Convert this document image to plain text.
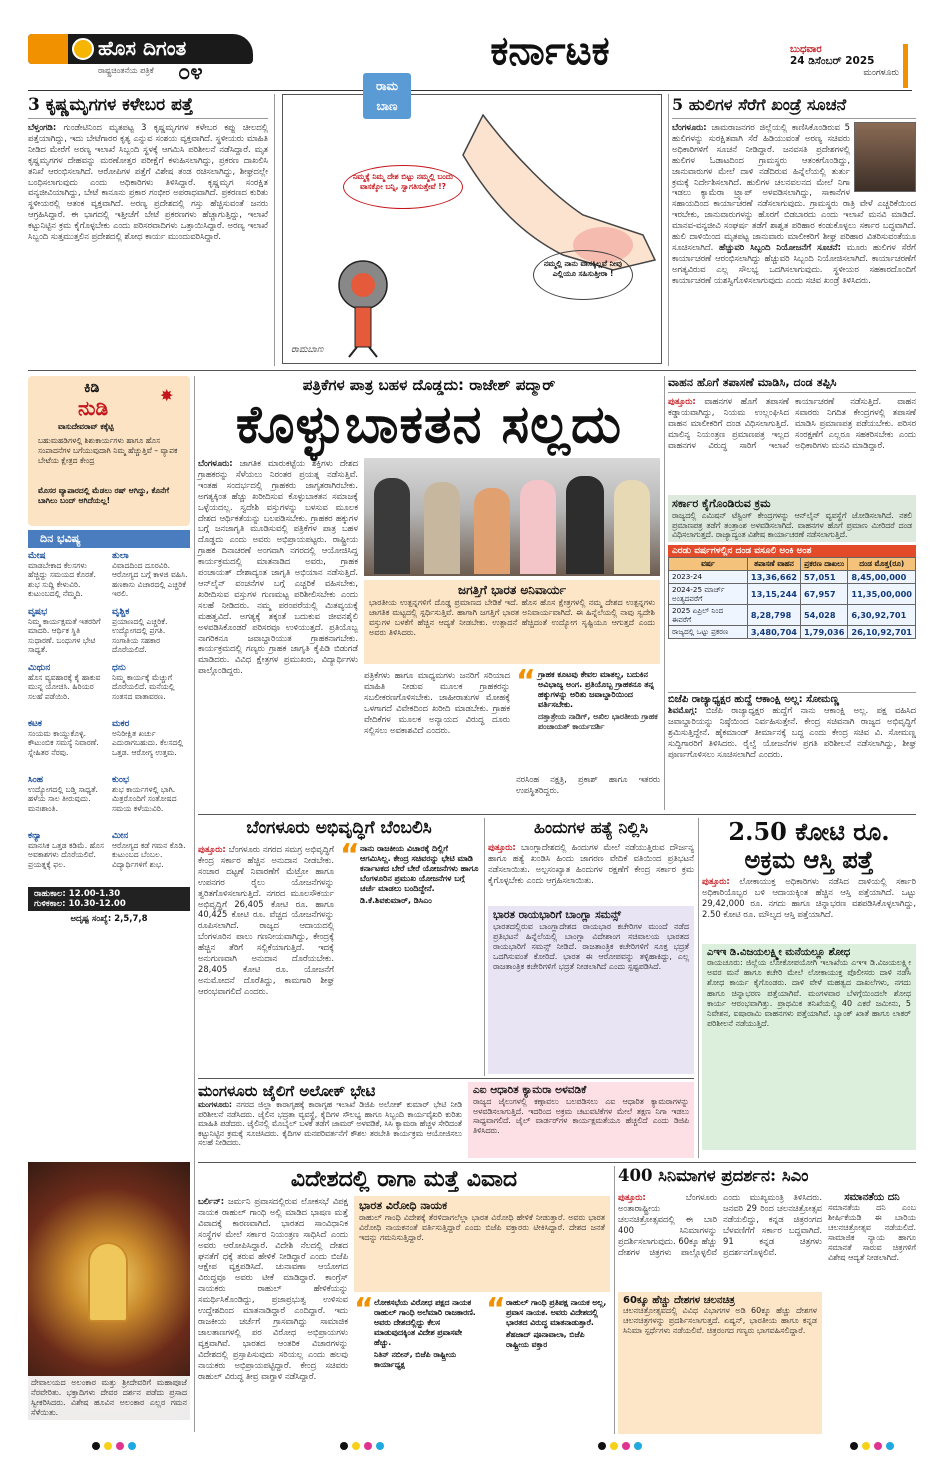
ಹೊಸ ದಿಗಂತ
ರಾಷ್ಟ್ರಚಿಂತನೆಯ ಪತ್ರಿಕೆ ೦೪	ಕರ್ನಾಟಕ	ಬುಧವಾರ
24 ಡಿಸೆಂಬರ್ 2025
ಮಂಗಳೂರು
3 ಕೃಷ್ಣಮೃಗಗಳ ಕಳೇಬರ ಪತ್ತೆ
ಬೆಳ್ತಂಗಡಿ: ಗುಂಡೇಟಿನಿಂದ ಮೃತಪಟ್ಟ 3 ಕೃಷ್ಣಮೃಗಗಳ ಕಳೇಬರ ಕಪ್ಪು ಚೀಲದಲ್ಲಿ ಪತ್ತೆಯಾಗಿದ್ದು, ಇದು ಬೇಟೆಗಾರರ ಕೃತ್ಯ ಎನ್ನುವ ಸಂಶಯ ವ್ಯಕ್ತವಾಗಿದೆ. ಸ್ಥಳೀಯರು ಮಾಹಿತಿ ನೀಡಿದ ಮೇರೆಗೆ ಅರಣ್ಯ ಇಲಾಖೆ ಸಿಬ್ಬಂದಿ ಸ್ಥಳಕ್ಕೆ ಆಗಮಿಸಿ ಪರಿಶೀಲನೆ ನಡೆಸಿದ್ದಾರೆ. ಮೃತ ಕೃಷ್ಣಮೃಗಗಳ ದೇಹವನ್ನು ಮರಣೋತ್ತರ ಪರೀಕ್ಷೆಗೆ ಕಳುಹಿಸಲಾಗಿದ್ದು, ಪ್ರಕರಣ ದಾಖಲಿಸಿ ತನಿಖೆ ಆರಂಭಿಸಲಾಗಿದೆ. ಆರೋಪಿಗಳ ಪತ್ತೆಗೆ ವಿಶೇಷ ತಂಡ ರಚಿಸಲಾಗಿದ್ದು, ಶೀಘ್ರದಲ್ಲೇ ಬಂಧಿಸಲಾಗುವುದು ಎಂದು ಅಧಿಕಾರಿಗಳು ತಿಳಿಸಿದ್ದಾರೆ. ಕೃಷ್ಣಮೃಗ ಸಂರಕ್ಷಿತ ವನ್ಯಜೀವಿಯಾಗಿದ್ದು, ಬೇಟೆ ಕಾನೂನು ಪ್ರಕಾರ ಗಂಭೀರ ಅಪರಾಧವಾಗಿದೆ. ಪ್ರಕರಣದ ಕುರಿತು ಸ್ಥಳೀಯರಲ್ಲಿ ಆತಂಕ ವ್ಯಕ್ತವಾಗಿದೆ. ಅರಣ್ಯ ಪ್ರದೇಶದಲ್ಲಿ ಗಸ್ತು ಹೆಚ್ಚಿಸುವಂತೆ ಜನರು ಆಗ್ರಹಿಸಿದ್ದಾರೆ. ಈ ಭಾಗದಲ್ಲಿ ಇತ್ತೀಚೆಗೆ ಬೇಟೆ ಪ್ರಕರಣಗಳು ಹೆಚ್ಚಾಗುತ್ತಿದ್ದು, ಇಲಾಖೆ ಕಟ್ಟುನಿಟ್ಟಿನ ಕ್ರಮ ಕೈಗೊಳ್ಳಬೇಕು ಎಂದು ಪರಿಸರವಾದಿಗಳು ಒತ್ತಾಯಿಸಿದ್ದಾರೆ. ಅರಣ್ಯ ಇಲಾಖೆ ಸಿಬ್ಬಂದಿ ಸುತ್ತಮುತ್ತಲಿನ ಪ್ರದೇಶದಲ್ಲಿ ಶೋಧ ಕಾರ್ಯ ಮುಂದುವರಿಸಿದ್ದಾರೆ.
ರಾಮ
ಬಾಣ
ನಿಮ್ಮಕ್ಕೆ ನಿಮ್ಮ ದೇಶ ಬಿಟ್ಟು ನಮ್ಮಲ್ಲಿ ಬಂದು ವಾಸಕ್ಕೋ ಬನ್ನಿ, ಸ್ವಾಗತಿಸುತ್ತೇವೆ !?
ನಮ್ಮಲ್ಲಿ ನಾನು ವಾಸಕ್ಕಿಲ್ಲವೆ ನೀವು ಎಲ್ಲಿಯೂ ಸಹಿಸುತ್ತೀರಾ !
ರಾಮಬಾಣ
5 ಹುಲಿಗಳ ಸೆರೆಗೆ ಖಂಡ್ರೆ ಸೂಚನೆ
ಬೆಂಗಳೂರು: ಚಾಮರಾಜನಗರ ಜಿಲ್ಲೆಯಲ್ಲಿ ಕಾಣಿಸಿಕೊಂಡಿರುವ 5 ಹುಲಿಗಳನ್ನು ಸುರಕ್ಷಿತವಾಗಿ ಸೆರೆ ಹಿಡಿಯುವಂತೆ ಅರಣ್ಯ ಸಚಿವರು ಅಧಿಕಾರಿಗಳಿಗೆ ಸೂಚನೆ ನೀಡಿದ್ದಾರೆ. ಜನವಸತಿ ಪ್ರದೇಶಗಳಲ್ಲಿ ಹುಲಿಗಳ ಓಡಾಟದಿಂದ ಗ್ರಾಮಸ್ಥರು ಆತಂಕಗೊಂಡಿದ್ದು, ಜಾನುವಾರುಗಳ ಮೇಲೆ ದಾಳಿ ನಡೆದಿರುವ ಹಿನ್ನೆಲೆಯಲ್ಲಿ ತುರ್ತು ಕ್ರಮಕ್ಕೆ ನಿರ್ದೇಶಿಸಲಾಗಿದೆ. ಹುಲಿಗಳ ಚಲನವಲನದ ಮೇಲೆ ನಿಗಾ ಇಡಲು ಕ್ಯಾಮೆರಾ ಟ್ರ್ಯಾಪ್ ಅಳವಡಿಸಲಾಗಿದ್ದು, ಸಾಕಾನೆಗಳ ಸಹಾಯದಿಂದ ಕಾರ್ಯಾಚರಣೆ ನಡೆಸಲಾಗುವುದು. ಗ್ರಾಮಸ್ಥರು ರಾತ್ರಿ ವೇಳೆ ಎಚ್ಚರಿಕೆಯಿಂದ ಇರಬೇಕು, ಜಾನುವಾರುಗಳನ್ನು ಹೊರಗೆ ಬಿಡಬಾರದು ಎಂದು ಇಲಾಖೆ ಮನವಿ ಮಾಡಿದೆ. ಮಾನವ-ವನ್ಯಜೀವಿ ಸಂಘರ್ಷ ತಡೆಗೆ ಶಾಶ್ವತ ಪರಿಹಾರ ಕಂಡುಕೊಳ್ಳಲು ಸರ್ಕಾರ ಬದ್ಧವಾಗಿದೆ. ಹುಲಿ ದಾಳಿಯಿಂದ ಮೃತಪಟ್ಟ ಜಾನುವಾರು ಮಾಲೀಕರಿಗೆ ಶೀಘ್ರ ಪರಿಹಾರ ವಿತರಿಸುವಂತೆಯೂ ಸೂಚಿಸಲಾಗಿದೆ. ಹೆಚ್ಚುವರಿ ಸಿಬ್ಬಂದಿ ನಿಯೋಜನೆಗೆ ಸೂಚನೆ: ಮೂರು ಹುಲಿಗಳ ಸೆರೆಗೆ ಕಾರ್ಯಾಚರಣೆ ಆರಂಭಿಸಲಾಗಿದ್ದು ಹೆಚ್ಚುವರಿ ಸಿಬ್ಬಂದಿ ನಿಯೋಜಿಸಲಾಗಿದೆ. ಕಾರ್ಯಾಚರಣೆಗೆ ಅಗತ್ಯವಿರುವ ಎಲ್ಲ ಸೌಲಭ್ಯ ಒದಗಿಸಲಾಗುವುದು. ಸ್ಥಳೀಯರ ಸಹಕಾರದೊಂದಿಗೆ ಕಾರ್ಯಾಚರಣೆ ಯಶಸ್ವಿಗೊಳಿಸಲಾಗುವುದು ಎಂದು ಸಚಿವ ಖಂಡ್ರೆ ತಿಳಿಸಿದರು.
ಕಿಡಿ
ನುಡಿ
✸
ವಾಸುದೇವರಾವ್ ಕಕ್ಕೆಟ್ಟಿ
ಬಹುಮಹಡಿಗಳಲ್ಲಿ ಶಿಶುಕಾರ್ಯಗಳು ಹಾಗೂ ಹೊಸ ಸಂಪಾದನೆಗಳ ಬಗೆಯುವುದಾಗಿ ನಿಮ್ಮ ಹೆಚ್ಚುತ್ತಿವೆ – ವ್ಯಾಪಕ ಬೇಟೆಯ ಕ್ಷೇತ್ರದ ಕೇಂದ್ರ
ಮೊಸರ ವ್ಯಾಪಾರದಲ್ಲಿ ಮೆಡಲು ರಷ್ ಆಗಿದ್ದು, ಕೊನೆಗೆ ಬಾಗಿಲು ಬಂದ್ ಆಗಿದೆಯಲ್ಲ!
ದಿನ ಭವಿಷ್ಯ
ಮೇಷ
ಮಾಡಬೇಕಾದ ಕೆಲಸಗಳು ಹೆಚ್ಚಿದ್ದು ಸಮಯದ ಕೊರತೆ. ಶುಭ ಸುದ್ದಿ ಕೇಳುವಿರಿ. ಕುಟುಂಬದಲ್ಲಿ ನೆಮ್ಮದಿ.
ತುಲಾ
ವಿವಾದದಿಂದ ದೂರವಿರಿ. ಆರೋಗ್ಯದ ಬಗ್ಗೆ ಕಾಳಜಿ ವಹಿಸಿ. ಹಣಕಾಸು ವಿಚಾರದಲ್ಲಿ ಎಚ್ಚರಿಕೆ ಇರಲಿ.
ವೃಷಭ
ನಿಮ್ಮ ಕಾರ್ಯಕ್ಷಮತೆ ಇತರರಿಗೆ ಮಾದರಿ. ಆರ್ಥಿಕ ಸ್ಥಿತಿ ಸುಧಾರಣೆ. ಬಂಧುಗಳ ಭೇಟಿ ಸಾಧ್ಯತೆ.
ವೃಶ್ಚಿಕ
ಪ್ರಯಾಣದಲ್ಲಿ ಎಚ್ಚರಿಕೆ. ಉದ್ಯೋಗದಲ್ಲಿ ಪ್ರಗತಿ. ಸಂಗಾತಿಯ ಸಹಕಾರ ದೊರೆಯಲಿದೆ.
ಮಿಥುನ
ಹೊಸ ವ್ಯವಹಾರಕ್ಕೆ ಕೈ ಹಾಕುವ ಮುನ್ನ ಯೋಚಿಸಿ. ಹಿರಿಯರ ಸಲಹೆ ಪಡೆಯಿರಿ.
ಧನು
ನಿಮ್ಮ ಕಾರ್ಯಕ್ಕೆ ಮೆಚ್ಚುಗೆ ದೊರೆಯಲಿದೆ. ಮನೆಯಲ್ಲಿ ಸಂತಸದ ವಾತಾವರಣ.
ಕಟಕ
ಸಂಯಮ ಕಾಯ್ದುಕೊಳ್ಳಿ. ಕೌಟುಂಬಿಕ ಸಮಸ್ಯೆ ನಿವಾರಣೆ. ಸ್ನೇಹಿತರ ನೆರವು.
ಮಕರ
ಅನಿರೀಕ್ಷಿತ ಖರ್ಚು ಎದುರಾಗಬಹುದು. ಕೆಲಸದಲ್ಲಿ ಒತ್ತಡ. ಆರೋಗ್ಯ ಉತ್ತಮ.
ಸಿಂಹ
ಉದ್ಯೋಗದಲ್ಲಿ ಬಡ್ತಿ ಸಾಧ್ಯತೆ. ಹಳೆಯ ಸಾಲ ತೀರುವುದು. ಮನಃಶಾಂತಿ.
ಕುಂಭ
ಶುಭ ಕಾರ್ಯಗಳಲ್ಲಿ ಭಾಗಿ. ಮಿತ್ರರೊಂದಿಗೆ ಸಂತೋಷದ ಸಮಯ ಕಳೆಯುವಿರಿ.
ಕನ್ಯಾ
ಮಾನಸಿಕ ಒತ್ತಡ ಕಡಿಮೆ. ಹೊಸ ಅವಕಾಶಗಳು ದೊರೆಯಲಿವೆ. ಪ್ರಯತ್ನಕ್ಕೆ ಫಲ.
ಮೀನ
ಆರೋಗ್ಯದ ಕಡೆ ಗಮನ ಕೊಡಿ. ಕುಟುಂಬದ ಬೆಂಬಲ. ವಿದ್ಯಾರ್ಥಿಗಳಿಗೆ ಶುಭ.
ರಾಹುಕಾಲ: 12.00-1.30
ಗುಳಿಕಕಾಲ: 10.30-12.00
ಅದೃಷ್ಟ ಸಂಖ್ಯೆ: 2,5,7,8
ದೇವಾಲಯದ ಅಲಂಕಾರ ಮತ್ತು ಶ್ರೀದೇವರಿಗೆ ಮಹಾಪೂಜೆ ನೆರವೇರಿತು. ಭಕ್ತಾದಿಗಳು ದೇವರ ದರ್ಶನ ಪಡೆದು ಪ್ರಸಾದ ಸ್ವೀಕರಿಸಿದರು. ವಿಶೇಷ ಹೂವಿನ ಅಲಂಕಾರ ಎಲ್ಲರ ಗಮನ ಸೆಳೆಯಿತು.
ಪತ್ರಿಕೆಗಳ ಪಾತ್ರ ಬಹಳ ದೊಡ್ಡದು: ರಾಜೇಶ್ ಪದ್ಮಾರ್
ಕೊಳ್ಳುಬಾಕತನ ಸಲ್ಲದು
ಬೆಂಗಳೂರು: ಜಾಗತಿಕ ಮಾರುಕಟ್ಟೆಯ ಶಕ್ತಿಗಳು ದೇಶದ ಗ್ರಾಹಕರನ್ನು ಸೆಳೆಯಲು ನಿರಂತರ ಪ್ರಯತ್ನ ನಡೆಸುತ್ತಿವೆ. ಇಂತಹ ಸಂದರ್ಭದಲ್ಲಿ ಗ್ರಾಹಕರು ಜಾಗೃತರಾಗಿರಬೇಕು. ಅಗತ್ಯಕ್ಕಿಂತ ಹೆಚ್ಚು ಖರೀದಿಸುವ ಕೊಳ್ಳುಬಾಕತನ ಸಮಾಜಕ್ಕೆ ಒಳ್ಳೆಯದಲ್ಲ. ಸ್ವದೇಶಿ ವಸ್ತುಗಳನ್ನು ಬಳಸುವ ಮೂಲಕ ದೇಶದ ಆರ್ಥಿಕತೆಯನ್ನು ಬಲಪಡಿಸಬೇಕು. ಗ್ರಾಹಕರ ಹಕ್ಕುಗಳ ಬಗ್ಗೆ ಜನಜಾಗೃತಿ ಮೂಡಿಸುವಲ್ಲಿ ಪತ್ರಿಕೆಗಳ ಪಾತ್ರ ಬಹಳ ದೊಡ್ಡದು ಎಂದು ಅವರು ಅಭಿಪ್ರಾಯಪಟ್ಟರು. ರಾಷ್ಟ್ರೀಯ ಗ್ರಾಹಕ ದಿನಾಚರಣೆ ಅಂಗವಾಗಿ ನಗರದಲ್ಲಿ ಆಯೋಜಿಸಿದ್ದ ಕಾರ್ಯಕ್ರಮದಲ್ಲಿ ಮಾತನಾಡಿದ ಅವರು, ಗ್ರಾಹಕ ಪಂಚಾಯತ್ ದೇಶಾದ್ಯಂತ ಜಾಗೃತಿ ಅಭಿಯಾನ ನಡೆಸುತ್ತಿದೆ. ಆನ್‌ಲೈನ್ ವಂಚನೆಗಳ ಬಗ್ಗೆ ಎಚ್ಚರಿಕೆ ವಹಿಸಬೇಕು, ಖರೀದಿಸುವ ವಸ್ತುಗಳ ಗುಣಮಟ್ಟ ಪರಿಶೀಲಿಸಬೇಕು ಎಂದು ಸಲಹೆ ನೀಡಿದರು. ನಮ್ಮ ಪರಂಪರೆಯಲ್ಲಿ ಮಿತವ್ಯಯಕ್ಕೆ ಮಹತ್ವವಿದೆ. ಅಗತ್ಯಕ್ಕೆ ತಕ್ಕಂತೆ ಬದುಕುವ ಜೀವನಶೈಲಿ ಅಳವಡಿಸಿಕೊಂಡರೆ ಪರಿಸರವೂ ಉಳಿಯುತ್ತದೆ. ಪ್ರತಿಯೊಬ್ಬ ನಾಗರಿಕನೂ ಜವಾಬ್ದಾರಿಯುತ ಗ್ರಾಹಕನಾಗಬೇಕು. ಕಾರ್ಯಕ್ರಮದಲ್ಲಿ ಗಣ್ಯರು ಗ್ರಾಹಕ ಜಾಗೃತಿ ಕೈಪಿಡಿ ಬಿಡುಗಡೆ ಮಾಡಿದರು. ವಿವಿಧ ಕ್ಷೇತ್ರಗಳ ಪ್ರಮುಖರು, ವಿದ್ಯಾರ್ಥಿಗಳು ಪಾಲ್ಗೊಂಡಿದ್ದರು.
ಜಗತ್ತಿಗೆ ಭಾರತ ಅನಿವಾರ್ಯ
ಭಾರತೀಯ ಉತ್ಪನ್ನಗಳಿಗೆ ದೊಡ್ಡ ಪ್ರಮಾಣದ ಬೇಡಿಕೆ ಇದೆ. ಹೊಸ ಹೊಸ ಕ್ಷೇತ್ರಗಳಲ್ಲಿ ನಮ್ಮ ದೇಶದ ಉತ್ಪನ್ನಗಳು ಜಾಗತಿಕ ಮಟ್ಟದಲ್ಲಿ ಸ್ಪರ್ಧಿಸುತ್ತಿವೆ. ಹಾಗಾಗಿ ಜಗತ್ತಿಗೆ ಭಾರತ ಅನಿವಾರ್ಯವಾಗಿದೆ. ಈ ಹಿನ್ನೆಲೆಯಲ್ಲಿ ನಾವು ಸ್ವದೇಶಿ ವಸ್ತುಗಳ ಬಳಕೆಗೆ ಹೆಚ್ಚಿನ ಆದ್ಯತೆ ನೀಡಬೇಕು. ಉತ್ಪಾದನೆ ಹೆಚ್ಚಿದಂತೆ ಉದ್ಯೋಗ ಸೃಷ್ಟಿಯೂ ಆಗುತ್ತದೆ ಎಂದು ಅವರು ತಿಳಿಸಿದರು.
ಪತ್ರಿಕೆಗಳು ಹಾಗೂ ಮಾಧ್ಯಮಗಳು ಜನರಿಗೆ ಸರಿಯಾದ ಮಾಹಿತಿ ನೀಡುವ ಮೂಲಕ ಗ್ರಾಹಕರನ್ನು ಸಬಲೀಕರಣಗೊಳಿಸಬೇಕು. ಜಾಹೀರಾತುಗಳ ಮೋಹಕ್ಕೆ ಒಳಗಾಗದೆ ವಿವೇಕದಿಂದ ಖರೀದಿ ಮಾಡಬೇಕು. ಗ್ರಾಹಕ ವೇದಿಕೆಗಳ ಮೂಲಕ ಅನ್ಯಾಯದ ವಿರುದ್ಧ ದೂರು ಸಲ್ಲಿಸಲು ಅವಕಾಶವಿದೆ ಎಂದರು.
“ ಗ್ರಾಹಕ ಕೂಟವು ಕೇವಲ ಮಾತಲ್ಲ, ಬದುಕಿನ ಅವಿಭಾಜ್ಯ ಅಂಗ. ಪ್ರತಿಯೊಬ್ಬ ಗ್ರಾಹಕನೂ ತನ್ನ ಹಕ್ಕುಗಳನ್ನು ಅರಿತು ಜವಾಬ್ದಾರಿಯಿಂದ ವರ್ತಿಸಬೇಕು.
ದತ್ತಾತ್ರೇಯ ನಾಡಿಗ್, ಅಖಿಲ ಭಾರತೀಯ ಗ್ರಾಹಕ ಪಂಚಾಯತ್ ಕಾರ್ಯದರ್ಶಿ
ನರಸಿಂಹ ನಕ್ಷತ್ರಿ, ಪ್ರಕಾಶ್ ಹಾಗೂ ಇತರರು ಉಪಸ್ಥಿತರಿದ್ದರು.
ವಾಹನ ಹೊಗೆ ತಪಾಸಣೆ ಮಾಡಿಸಿ, ದಂಡ ತಪ್ಪಿಸಿ
ಪುತ್ತೂರು: ವಾಹನಗಳ ಹೊಗೆ ತಪಾಸಣೆ ಕಡ್ಡಾಯವಾಗಿದ್ದು, ನಿಯಮ ಉಲ್ಲಂಘಿಸಿದ ವಾಹನ ಮಾಲೀಕರಿಗೆ ದಂಡ ವಿಧಿಸಲಾಗುತ್ತಿದೆ. ಮಾಲಿನ್ಯ ನಿಯಂತ್ರಣ ಪ್ರಮಾಣಪತ್ರ ಇಲ್ಲದ ವಾಹನಗಳ ವಿರುದ್ಧ ಸಾರಿಗೆ ಇಲಾಖೆ ಕಾರ್ಯಾಚರಣೆ ನಡೆಸುತ್ತಿದೆ. ವಾಹನ ಸವಾರರು ನಿಗದಿತ ಕೇಂದ್ರಗಳಲ್ಲಿ ತಪಾಸಣೆ ಮಾಡಿಸಿ ಪ್ರಮಾಣಪತ್ರ ಪಡೆಯಬೇಕು. ಪರಿಸರ ಸಂರಕ್ಷಣೆಗೆ ಎಲ್ಲರೂ ಸಹಕರಿಸಬೇಕು ಎಂದು ಅಧಿಕಾರಿಗಳು ಮನವಿ ಮಾಡಿದ್ದಾರೆ.
ಸರ್ಕಾರ ಕೈಗೊಂಡಿರುವ ಕ್ರಮ
ರಾಜ್ಯದಲ್ಲಿ ಎಮಿಷನ್ ಟೆಸ್ಟಿಂಗ್ ಕೇಂದ್ರಗಳನ್ನು ಆನ್‌ಲೈನ್ ವ್ಯವಸ್ಥೆಗೆ ಜೋಡಿಸಲಾಗಿದೆ. ನಕಲಿ ಪ್ರಮಾಣಪತ್ರ ತಡೆಗೆ ತಂತ್ರಾಂಶ ಅಳವಡಿಸಲಾಗಿದೆ. ವಾಹನಗಳ ಹೊಗೆ ಪ್ರಮಾಣ ಮೀರಿದರೆ ದಂಡ ವಿಧಿಸಲಾಗುತ್ತದೆ. ರಾಜ್ಯಾದ್ಯಂತ ವಿಶೇಷ ಕಾರ್ಯಾಚರಣೆ ನಡೆಸಲಾಗುತ್ತಿದೆ.
ಎರಡು ವರ್ಷಗಳಲ್ಲಿನ ದಂಡ ವಸೂಲಿ ಅಂಕಿ ಅಂಶ
ವರ್ಷ	ತಪಾಸಣೆ ವಾಹನ	ಪ್ರಕರಣ ದಾಖಲು	ದಂಡ ಮೊತ್ತ(ರೂ)
2023-24	13,36,662	57,051	8,45,00,000
2024-25 ಮಾರ್ಚ್ ಅಂತ್ಯದವರೆಗೆ	13,15,244	67,957	11,35,00,000
2025 ಏಪ್ರಿಲ್ ನಿಂದ ಈವರೆಗೆ	8,28,798	54,028	6,30,92,701
ರಾಜ್ಯದಲ್ಲಿ ಒಟ್ಟು ಪ್ರಕರಣ	3,480,704	1,79,036	26,10,92,701
ಬಿಜೆಪಿ ರಾಜ್ಯಾಧ್ಯಕ್ಷರ ಹುದ್ದೆ ಆಕಾಂಕ್ಷಿ ಅಲ್ಲ: ಸೋಮಣ್ಣ
ಶಿವಮೊಗ್ಗ: ಬಿಜೆಪಿ ರಾಜ್ಯಾಧ್ಯಕ್ಷರ ಹುದ್ದೆಗೆ ನಾನು ಆಕಾಂಕ್ಷಿ ಅಲ್ಲ. ಪಕ್ಷ ವಹಿಸಿದ ಜವಾಬ್ದಾರಿಯನ್ನು ನಿಷ್ಠೆಯಿಂದ ನಿರ್ವಹಿಸುತ್ತೇನೆ. ಕೇಂದ್ರ ಸಚಿವನಾಗಿ ರಾಜ್ಯದ ಅಭಿವೃದ್ಧಿಗೆ ಶ್ರಮಿಸುತ್ತಿದ್ದೇನೆ. ಹೈಕಮಾಂಡ್ ತೀರ್ಮಾನಕ್ಕೆ ಬದ್ಧ ಎಂದು ಕೇಂದ್ರ ಸಚಿವ ವಿ. ಸೋಮಣ್ಣ ಸುದ್ದಿಗಾರರಿಗೆ ತಿಳಿಸಿದರು. ರೈಲ್ವೆ ಯೋಜನೆಗಳ ಪ್ರಗತಿ ಪರಿಶೀಲನೆ ನಡೆಸಲಾಗಿದ್ದು, ಶೀಘ್ರ ಪೂರ್ಣಗೊಳಿಸಲು ಸೂಚಿಸಲಾಗಿದೆ ಎಂದರು.
ಬೆಂಗಳೂರು ಅಭಿವೃದ್ಧಿಗೆ ಬೆಂಬಲಿಸಿ
ಪುತ್ತೂರು: ಬೆಂಗಳೂರು ನಗರದ ಸಮಗ್ರ ಅಭಿವೃದ್ಧಿಗೆ ಕೇಂದ್ರ ಸರ್ಕಾರ ಹೆಚ್ಚಿನ ಅನುದಾನ ನೀಡಬೇಕು. ಸಂಚಾರ ದಟ್ಟಣೆ ನಿವಾರಣೆಗೆ ಮೆಟ್ರೋ ಹಾಗೂ ಉಪನಗರ ರೈಲು ಯೋಜನೆಗಳನ್ನು ತ್ವರಿತಗೊಳಿಸಲಾಗುತ್ತಿದೆ. ನಗರದ ಮೂಲಸೌಕರ್ಯ ಅಭಿವೃದ್ಧಿಗೆ 26,405 ಕೋಟಿ ರೂ. ಹಾಗೂ 40,425 ಕೋಟಿ ರೂ. ವೆಚ್ಚದ ಯೋಜನೆಗಳನ್ನು ರೂಪಿಸಲಾಗಿದೆ. ರಾಜ್ಯದ ಆದಾಯದಲ್ಲಿ ಬೆಂಗಳೂರಿನ ಪಾಲು ಗಣನೀಯವಾಗಿದ್ದು, ಕೇಂದ್ರಕ್ಕೆ ಹೆಚ್ಚಿನ ತೆರಿಗೆ ಸಲ್ಲಿಕೆಯಾಗುತ್ತಿದೆ. ಇದಕ್ಕೆ ಅನುಗುಣವಾಗಿ ಅನುದಾನ ದೊರೆಯಬೇಕು. 28,405 ಕೋಟಿ ರೂ. ಯೋಜನೆಗೆ ಅನುಮೋದನೆ ದೊರೆತಿದ್ದು, ಕಾಮಗಾರಿ ಶೀಘ್ರ ಆರಂಭವಾಗಲಿದೆ ಎಂದರು.
“ ನಾನು ರಾಜಕೀಯ ವಿಚಾರಕ್ಕೆ ದಿಲ್ಲಿಗೆ ಆಗಮಿಸಿಲ್ಲ. ಕೇಂದ್ರ ಸಚಿವರನ್ನು ಭೇಟಿ ಮಾಡಿ ಕರ್ನಾಟಕದ ಬೇರೆ ಬೇರೆ ಯೋಜನೆಗಳು ಹಾಗೂ ಬೆಂಗಳೂರಿನ ಪ್ರಮುಖ ಯೋಜನೆಗಳ ಬಗ್ಗೆ ಚರ್ಚೆ ಮಾಡಲು ಬಂದಿದ್ದೇನೆ.
ಡಿ.ಕೆ.ಶಿವಕುಮಾರ್, ಡಿಸಿಎಂ
ಹಿಂದುಗಳ ಹತ್ಯೆ ನಿಲ್ಲಿಸಿ
ಪುತ್ತೂರು: ಬಾಂಗ್ಲಾದೇಶದಲ್ಲಿ ಹಿಂದುಗಳ ಮೇಲೆ ನಡೆಯುತ್ತಿರುವ ದೌರ್ಜನ್ಯ ಹಾಗೂ ಹತ್ಯೆ ಖಂಡಿಸಿ ಹಿಂದು ಜಾಗರಣ ವೇದಿಕೆ ವತಿಯಿಂದ ಪ್ರತಿಭಟನೆ ನಡೆಸಲಾಯಿತು. ಅಲ್ಪಸಂಖ್ಯಾತ ಹಿಂದುಗಳ ರಕ್ಷಣೆಗೆ ಕೇಂದ್ರ ಸರ್ಕಾರ ಕ್ರಮ ಕೈಗೊಳ್ಳಬೇಕು ಎಂದು ಆಗ್ರಹಿಸಲಾಯಿತು.
ಭಾರತ ರಾಯಭಾರಿಗೆ ಬಾಂಗ್ಲಾ ಸಮನ್ಸ್
ಭಾರತದಲ್ಲಿರುವ ಬಾಂಗ್ಲಾದೇಶದ ರಾಯಭಾರ ಕಚೇರಿಗಳ ಮುಂದೆ ನಡೆದ ಪ್ರತಿಭಟನೆ ಹಿನ್ನೆಲೆಯಲ್ಲಿ ಬಾಂಗ್ಲಾ ವಿದೇಶಾಂಗ ಸಚಿವಾಲಯ ಭಾರತದ ರಾಯಭಾರಿಗೆ ಸಮನ್ಸ್ ನೀಡಿದೆ. ರಾಜತಾಂತ್ರಿಕ ಕಚೇರಿಗಳಿಗೆ ಸೂಕ್ತ ಭದ್ರತೆ ಒದಗಿಸುವಂತೆ ಕೋರಿದೆ. ಭಾರತ ಈ ಆರೋಪವನ್ನು ತಳ್ಳಿಹಾಕಿದ್ದು, ಎಲ್ಲ ರಾಜತಾಂತ್ರಿಕ ಕಚೇರಿಗಳಿಗೆ ಭದ್ರತೆ ನೀಡಲಾಗಿದೆ ಎಂದು ಸ್ಪಷ್ಟಪಡಿಸಿದೆ.
2.50 ಕೋಟಿ ರೂ. ಅಕ್ರಮ ಆಸ್ತಿ ಪತ್ತೆ
ಪುತ್ತೂರು: ಲೋಕಾಯುಕ್ತ ಅಧಿಕಾರಿಗಳು ನಡೆಸಿದ ದಾಳಿಯಲ್ಲಿ ಸರ್ಕಾರಿ ಅಧಿಕಾರಿಯೊಬ್ಬರ ಬಳಿ ಆದಾಯಕ್ಕಿಂತ ಹೆಚ್ಚಿನ ಆಸ್ತಿ ಪತ್ತೆಯಾಗಿದೆ. ಒಟ್ಟು 29,42,000 ರೂ. ನಗದು ಹಾಗೂ ಚಿನ್ನಾಭರಣ ವಶಪಡಿಸಿಕೊಳ್ಳಲಾಗಿದ್ದು, 2.50 ಕೋಟಿ ರೂ. ಮೌಲ್ಯದ ಆಸ್ತಿ ಪತ್ತೆಯಾಗಿದೆ.
ಎಇಇ ಡಿ.ವಿಜಯಲಕ್ಷ್ಮೀ ಮನೆಯಲ್ಲೂ ಶೋಧ
ರಾಯಚೂರು: ಜಿಲ್ಲೆಯ ಲೋಕೋಪಯೋಗಿ ಇಲಾಖೆಯ ಎಇಇ ಡಿ.ವಿಜಯಲಕ್ಷ್ಮೀ ಅವರ ಮನೆ ಹಾಗೂ ಕಚೇರಿ ಮೇಲೆ ಲೋಕಾಯುಕ್ತ ಪೊಲೀಸರು ದಾಳಿ ನಡೆಸಿ ಶೋಧ ಕಾರ್ಯ ಕೈಗೊಂಡರು. ದಾಳಿ ವೇಳೆ ಮಹತ್ವದ ದಾಖಲೆಗಳು, ನಗದು ಹಾಗೂ ಚಿನ್ನಾಭರಣ ಪತ್ತೆಯಾಗಿವೆ. ಮಂಗಳವಾರ ಬೆಳಗ್ಗೆಯಿಂದಲೇ ಶೋಧ ಕಾರ್ಯ ಆರಂಭವಾಗಿತ್ತು. ಪ್ರಾಥಮಿಕ ತನಿಖೆಯಲ್ಲಿ 40 ಎಕರೆ ಜಮೀನು, 5 ನಿವೇಶನ, ಐಷಾರಾಮಿ ವಾಹನಗಳು ಪತ್ತೆಯಾಗಿವೆ. ಬ್ಯಾಂಕ್ ಖಾತೆ ಹಾಗೂ ಲಾಕರ್ ಪರಿಶೀಲನೆ ನಡೆಯುತ್ತಿದೆ.
ಮಂಗಳೂರು ಜೈಲಿಗೆ ಅಲೋಕ್ ಭೇಟಿ
ಮಂಗಳೂರು: ನಗರದ ಜಿಲ್ಲಾ ಕಾರಾಗೃಹಕ್ಕೆ ಕಾರಾಗೃಹ ಇಲಾಖೆ ಡಿಜಿಪಿ ಅಲೋಕ್ ಕುಮಾರ್ ಭೇಟಿ ನೀಡಿ ಪರಿಶೀಲನೆ ನಡೆಸಿದರು. ಜೈಲಿನ ಭದ್ರತಾ ವ್ಯವಸ್ಥೆ, ಕೈದಿಗಳ ಸೌಲಭ್ಯ ಹಾಗೂ ಸಿಬ್ಬಂದಿ ಕಾರ್ಯವೈಖರಿ ಕುರಿತು ಮಾಹಿತಿ ಪಡೆದರು. ಜೈಲಿನಲ್ಲಿ ಮೊಬೈಲ್ ಬಳಕೆ ತಡೆಗೆ ಜಾಮರ್ ಅಳವಡಿಕೆ, ಸಿಸಿ ಕ್ಯಾಮರಾ ಹೆಚ್ಚಳ ಸೇರಿದಂತೆ ಕಟ್ಟುನಿಟ್ಟಿನ ಕ್ರಮಕ್ಕೆ ಸೂಚಿಸಿದರು. ಕೈದಿಗಳ ಮನಪರಿವರ್ತನೆಗೆ ಕೌಶಲ ತರಬೇತಿ ಕಾರ್ಯಕ್ರಮ ಆಯೋಜಿಸಲು ಸಲಹೆ ನೀಡಿದರು.
ಎಐ ಆಧಾರಿತ ಕ್ಯಾಮರಾ ಅಳವಡಿಕೆ
ರಾಜ್ಯದ ಜೈಲುಗಳಲ್ಲಿ ಕಣ್ಗಾವಲು ಬಲಪಡಿಸಲು ಎಐ ಆಧಾರಿತ ಕ್ಯಾಮರಾಗಳನ್ನು ಅಳವಡಿಸಲಾಗುತ್ತಿದೆ. ಇದರಿಂದ ಅಕ್ರಮ ಚಟುವಟಿಕೆಗಳ ಮೇಲೆ ತಕ್ಷಣ ನಿಗಾ ಇಡಲು ಸಾಧ್ಯವಾಗಲಿದೆ. ಜೈಲ್ ವಾರ್ಡರ್‌ಗಳ ಕಾರ್ಯಕ್ಷಮತೆಯೂ ಹೆಚ್ಚಲಿದೆ ಎಂದು ಡಿಜಿಪಿ ತಿಳಿಸಿದರು.
ವಿದೇಶದಲ್ಲಿ ರಾಗಾ ಮತ್ತೆ ವಿವಾದ
ಬರ್ಲಿನ್: ಜರ್ಮನಿ ಪ್ರವಾಸದಲ್ಲಿರುವ ಲೋಕಸಭೆ ವಿಪಕ್ಷ ನಾಯಕ ರಾಹುಲ್ ಗಾಂಧಿ ಅಲ್ಲಿ ಮಾಡಿದ ಭಾಷಣ ಮತ್ತೆ ವಿವಾದಕ್ಕೆ ಕಾರಣವಾಗಿದೆ. ಭಾರತದ ಸಾಂವಿಧಾನಿಕ ಸಂಸ್ಥೆಗಳ ಮೇಲೆ ಸರ್ಕಾರ ನಿಯಂತ್ರಣ ಸಾಧಿಸಿದೆ ಎಂದು ಅವರು ಆರೋಪಿಸಿದ್ದಾರೆ. ವಿದೇಶಿ ನೆಲದಲ್ಲಿ ದೇಶದ ಘನತೆಗೆ ಧಕ್ಕೆ ತರುವ ಹೇಳಿಕೆ ನೀಡಿದ್ದಾರೆ ಎಂದು ಬಿಜೆಪಿ ಆಕ್ಷೇಪ ವ್ಯಕ್ತಪಡಿಸಿದೆ. ಚುನಾವಣಾ ಆಯೋಗದ ವಿರುದ್ಧವೂ ಅವರು ಟೀಕೆ ಮಾಡಿದ್ದಾರೆ. ಕಾಂಗ್ರೆಸ್ ನಾಯಕರು ರಾಹುಲ್ ಹೇಳಿಕೆಯನ್ನು ಸಮರ್ಥಿಸಿಕೊಂಡಿದ್ದು, ಪ್ರಜಾಪ್ರಭುತ್ವ ಉಳಿಸುವ ಉದ್ದೇಶದಿಂದ ಮಾತನಾಡಿದ್ದಾರೆ ಎಂದಿದ್ದಾರೆ. ಇದು ರಾಜಕೀಯ ಚರ್ಚೆಗೆ ಗ್ರಾಸವಾಗಿದ್ದು ಸಾಮಾಜಿಕ ಜಾಲತಾಣಗಳಲ್ಲಿ ಪರ ವಿರೋಧ ಅಭಿಪ್ರಾಯಗಳು ವ್ಯಕ್ತವಾಗಿವೆ. ಭಾರತದ ಆಂತರಿಕ ವಿಚಾರಗಳನ್ನು ವಿದೇಶದಲ್ಲಿ ಪ್ರಸ್ತಾಪಿಸುವುದು ಸರಿಯಲ್ಲ ಎಂದು ಹಲವು ನಾಯಕರು ಅಭಿಪ್ರಾಯಪಟ್ಟಿದ್ದಾರೆ. ಕೇಂದ್ರ ಸಚಿವರು ರಾಹುಲ್ ವಿರುದ್ಧ ತೀವ್ರ ವಾಗ್ದಾಳಿ ನಡೆಸಿದ್ದಾರೆ.
ಭಾರತ ವಿರೋಧಿ ನಾಯಕ
ರಾಹುಲ್ ಗಾಂಧಿ ವಿದೇಶಕ್ಕೆ ತೆರಳಿದಾಗಲೆಲ್ಲಾ ಭಾರತ ವಿರೋಧಿ ಹೇಳಿಕೆ ನೀಡುತ್ತಾರೆ. ಅವರು ಭಾರತ ವಿರೋಧಿ ನಾಯಕನಂತೆ ವರ್ತಿಸುತ್ತಿದ್ದಾರೆ ಎಂದು ಬಿಜೆಪಿ ವಕ್ತಾರರು ಟೀಕಿಸಿದ್ದಾರೆ. ದೇಶದ ಜನತೆ ಇದನ್ನು ಗಮನಿಸುತ್ತಿದ್ದಾರೆ.
“ ಲೋಕಸಭೆಯ ವಿರೋಧ ಪಕ್ಷದ ನಾಯಕ ರಾಹುಲ್ ಗಾಂಧಿ ಅಲೆಮಾರಿ ರಾಜಕಾರಣಿ. ಅವರು ದೇಶದಲ್ಲಿದ್ದು ಕೆಲಸ ಮಾಡುವುದಕ್ಕಿಂತ ವಿದೇಶ ಪ್ರವಾಸವೇ ಹೆಚ್ಚು.
ನಿತಿನ್ ನಬೀನ್, ಬಿಜೆಪಿ ರಾಷ್ಟ್ರೀಯ ಕಾರ್ಯಾಧ್ಯಕ್ಷ
“ ರಾಹುಲ್ ಗಾಂಧಿ ಪ್ರತಿಪಕ್ಷ ನಾಯಕ ಅಲ್ಲ, ಪ್ರವಾಸ ನಾಯಕ. ಅವರು ವಿದೇಶದಲ್ಲಿ ಭಾರತದ ವಿರುದ್ಧ ಮಾತನಾಡುತ್ತಾರೆ.
ಶೆಹಜಾದ್ ಪೂನಾವಾಲಾ, ಬಿಜೆಪಿ ರಾಷ್ಟ್ರೀಯ ವಕ್ತಾರ
400 ಸಿನಿಮಾಗಳ ಪ್ರದರ್ಶನ: ಸಿಎಂ
ಪುತ್ತೂರು:	ಬೆಂಗಳೂರು ಅಂತಾರಾಷ್ಟ್ರೀಯ ಚಲನಚಿತ್ರೋತ್ಸವದಲ್ಲಿ ಈ ಬಾರಿ 400 ಸಿನಿಮಾಗಳನ್ನು ಪ್ರದರ್ಶಿಸಲಾಗುವುದು. 60ಕ್ಕೂ ಹೆಚ್ಚು ದೇಶಗಳ ಚಿತ್ರಗಳು ಪಾಲ್ಗೊಳ್ಳಲಿವೆ ಎಂದು ಮುಖ್ಯಮಂತ್ರಿ ತಿಳಿಸಿದರು. ಜನವರಿ 29 ರಿಂದ ಚಲನಚಿತ್ರೋತ್ಸವ ನಡೆಯಲಿದ್ದು, ಕನ್ನಡ ಚಿತ್ರರಂಗದ ಬೆಳವಣಿಗೆಗೆ ಸರ್ಕಾರ ಬದ್ಧವಾಗಿದೆ. 91 ಕನ್ನಡ ಚಿತ್ರಗಳು ಪ್ರದರ್ಶನಗೊಳ್ಳಲಿವೆ.
60ಕ್ಕೂ ಹೆಚ್ಚು ದೇಶಗಳ ಚಲನಚಿತ್ರ
ಚಲನಚಿತ್ರೋತ್ಸವದಲ್ಲಿ ವಿವಿಧ ವಿಭಾಗಗಳ ಅಡಿ 60ಕ್ಕೂ ಹೆಚ್ಚು ದೇಶಗಳ ಚಲನಚಿತ್ರಗಳನ್ನು ಪ್ರದರ್ಶಿಸಲಾಗುತ್ತದೆ. ಏಷ್ಯನ್, ಭಾರತೀಯ ಹಾಗೂ ಕನ್ನಡ ಸಿನಿಮಾ ಸ್ಪರ್ಧೆಗಳು ನಡೆಯಲಿವೆ. ಚಿತ್ರರಂಗದ ಗಣ್ಯರು ಭಾಗವಹಿಸಲಿದ್ದಾರೆ.
ಸಮಾನತೆಯ ದನಿ
ಸಮಾನತೆಯ ದನಿ ಎಂಬ ಶೀರ್ಷಿಕೆಯಡಿ ಈ ಬಾರಿಯ ಚಲನಚಿತ್ರೋತ್ಸವ ನಡೆಯಲಿದೆ. ಸಾಮಾಜಿಕ ನ್ಯಾಯ ಹಾಗೂ ಸಮಾನತೆ ಸಾರುವ ಚಿತ್ರಗಳಿಗೆ ವಿಶೇಷ ಆದ್ಯತೆ ನೀಡಲಾಗಿದೆ.
